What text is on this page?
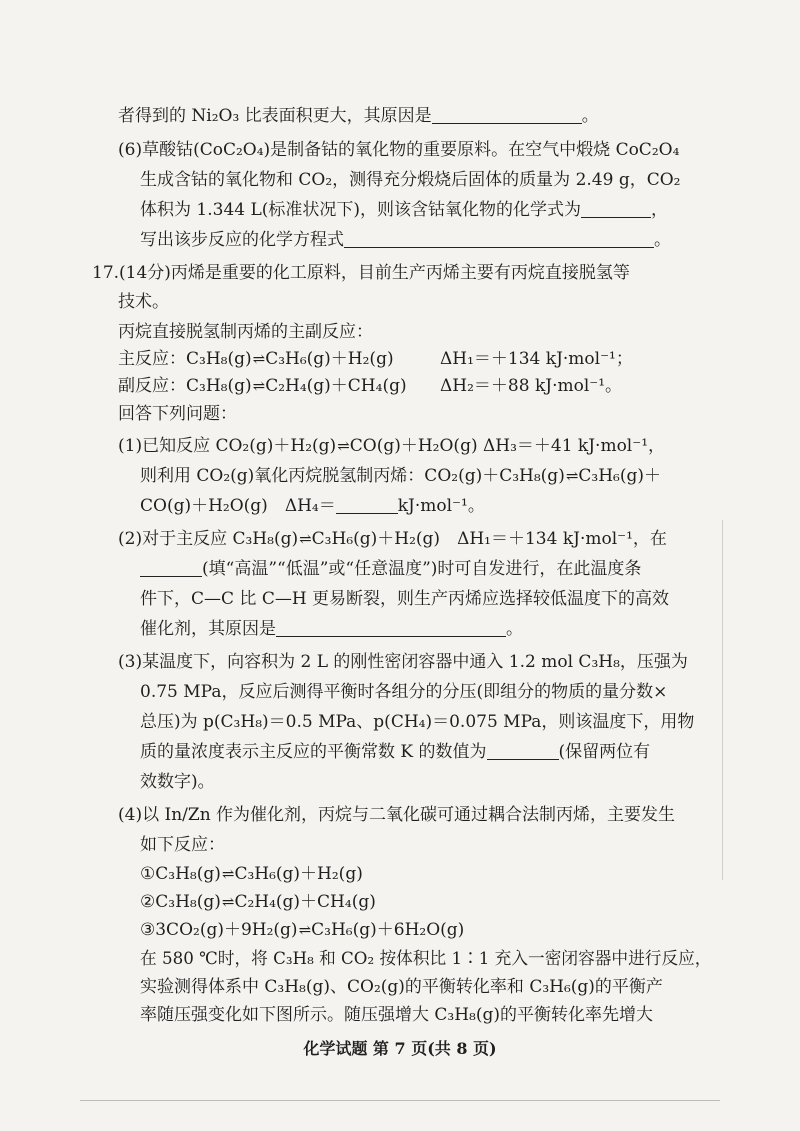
者得到的 Ni₂O₃ 比表面积更大，其原因是	。
(6)草酸钴(CoC₂O₄)是制备钴的氧化物的重要原料。在空气中煅烧 CoC₂O₄
生成含钴的氧化物和 CO₂，测得充分煅烧后固体的质量为 2.49 g，CO₂
体积为 1.344 L(标准状况下)，则该含钴氧化物的化学式为	，
写出该步反应的化学方程式	。
17.(14分)丙烯是重要的化工原料，目前生产丙烯主要有丙烷直接脱氢等
技术。
丙烷直接脱氢制丙烯的主副反应：
主反应：C₃H₈(g)⇌C₃H₆(g)＋H₂(g)	ΔH₁＝＋134 kJ·mol⁻¹；
副反应：C₃H₈(g)⇌C₂H₄(g)＋CH₄(g) ΔH₂＝＋88 kJ·mol⁻¹。
回答下列问题：
(1)已知反应 CO₂(g)＋H₂(g)⇌CO(g)＋H₂O(g) ΔH₃＝＋41 kJ·mol⁻¹，
则利用 CO₂(g)氧化丙烷脱氢制丙烯：CO₂(g)＋C₃H₈(g)⇌C₃H₆(g)＋
CO(g)＋H₂O(g)　ΔH₄＝	kJ·mol⁻¹。
(2)对于主反应 C₃H₈(g)⇌C₃H₆(g)＋H₂(g)　ΔH₁＝＋134 kJ·mol⁻¹，在
(填“高温”“低温”或“任意温度”)时可自发进行，在此温度条
件下，C—C 比 C—H 更易断裂，则生产丙烯应选择较低温度下的高效
催化剂，其原因是	。
(3)某温度下，向容积为 2 L 的刚性密闭容器中通入 1.2 mol C₃H₈，压强为
0.75 MPa，反应后测得平衡时各组分的分压(即组分的物质的量分数×
总压)为 p(C₃H₈)＝0.5 MPa、p(CH₄)＝0.075 MPa，则该温度下，用物
质的量浓度表示主反应的平衡常数 K 的数值为	(保留两位有
效数字)。
(4)以 In/Zn 作为催化剂，丙烷与二氧化碳可通过耦合法制丙烯，主要发生
如下反应：
①C₃H₈(g)⇌C₃H₆(g)＋H₂(g)
②C₃H₈(g)⇌C₂H₄(g)＋CH₄(g)
③3CO₂(g)＋9H₂(g)⇌C₃H₆(g)＋6H₂O(g)
在 580 ℃时，将 C₃H₈ 和 CO₂ 按体积比 1∶1 充入一密闭容器中进行反应，
实验测得体系中 C₃H₈(g)、CO₂(g)的平衡转化率和 C₃H₆(g)的平衡产
率随压强变化如下图所示。随压强增大 C₃H₈(g)的平衡转化率先增大
化学试题 第 7 页(共 8 页)
